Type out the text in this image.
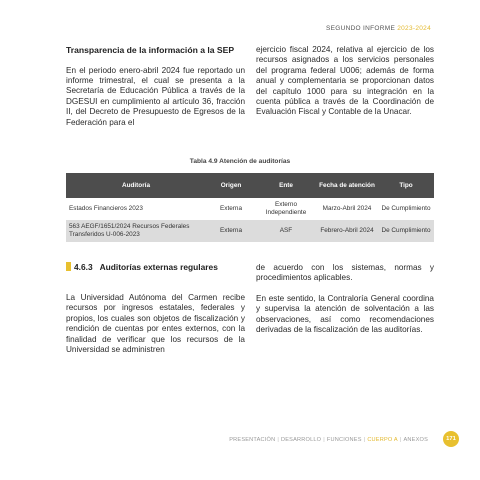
SEGUNDO INFORME 2023-2024
Transparencia de la información a la SEP

En el periodo enero-abril 2024 fue reportado un informe trimestral, el cual se presenta a la Secretaría de Educación Pública a través de la DGESUI en cumplimiento al artículo 36, fracción II, del Decreto de Presupuesto de Egresos de la Federación para el

ejercicio fiscal 2024, relativa al ejercicio de los recursos asignados a los servicios personales del programa federal U006; además de forma anual y complementaria se proporcionan datos del capítulo 1000 para su integración en la cuenta pública a través de la Coordinación de Evaluación Fiscal y Contable de la Unacar.

Tabla 4.9 Atención de auditorías
Auditoría	Origen	Ente	Fecha de atención	Tipo
Estados Financieros 2023	Externa	Externo Independiente	Marzo-Abril 2024	De Cumplimiento
563 AEGF/1651/2024 Recursos Federales Transferidos U-006-2023	Externa	ASF	Febrero-Abril 2024	De Cumplimiento
4.6.3 Auditorías externas regulares

La Universidad Autónoma del Carmen recibe recursos por ingresos estatales, federales y propios, los cuales son objetos de fiscalización y rendición de cuentas por entes externos, con la finalidad de verificar que los recursos de la Universidad se administren

de acuerdo con los sistemas, normas y procedimientos aplicables.

En este sentido, la Contraloría General coordina y supervisa la atención de solventación a las observaciones, así como recomendaciones derivadas de la fiscalización de las auditorías.

PRESENTACIÓN | DESARROLLO | FUNCIONES | CUERPO A | ANEXOS	171
